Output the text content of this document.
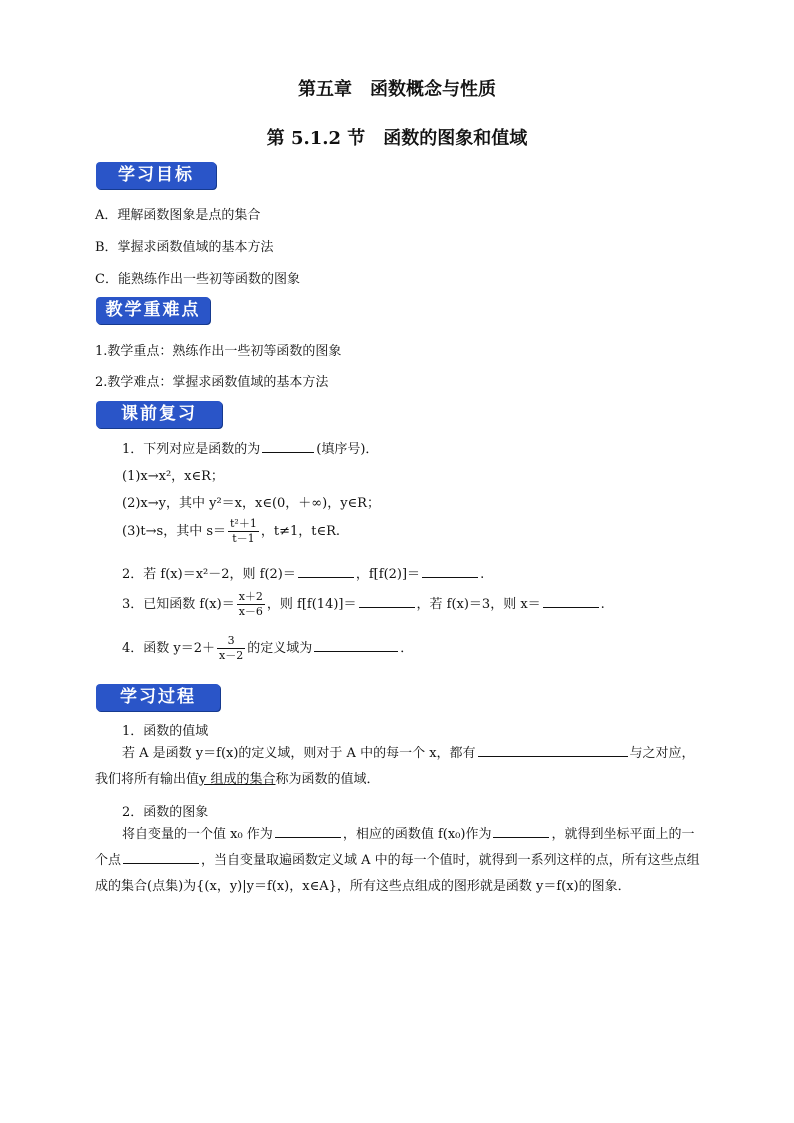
第五章　函数概念与性质
第 5.1.2 节　函数的图象和值域
学习目标
A．理解函数图象是点的集合
B．掌握求函数值域的基本方法
C．能熟练作出一些初等函数的图象
教学重难点
1.教学重点：熟练作出一些初等函数的图象
2.教学难点：掌握求函数值域的基本方法
课前复习
1．下列对应是函数的为	(填序号)．
(1)x→x²，x∈R；
(2)x→y，其中 y²＝x，x∈(0，＋∞)，y∈R；
(3)t→s，其中 $s= \frac{\text{t²＋1}}{t-1}$ ，t≠1，t∈R.
2．若 f(x)＝x²－2，则 f(2)＝	，f[f(2)]＝	.
3．已知函数 $f(x)= \frac{x+2}{x-6}$ ，则 f[f(14)]＝	，若 f(x)＝3，则 x＝	.
4．函数 $y=2+ \frac{3}{x-2}$ 的定义域为	．
学习过程
1．函数的值域
若 A 是函数 y＝f(x)的定义域，则对于 A 中的每一个 x，都有	与之对应，我们将所有输出值y 组成的集合称为函数的值域．
2．函数的图象
将自变量的一个值 x₀ 作为	，相应的函数值 f(x₀)作为	，就得到坐标平面上的一个点	，当自变量取遍函数定义域 A 中的每一个值时，就得到一系列这样的点，所有这些点组成的集合(点集)为{(x，y)|y＝f(x)，x∈A}，所有这些点组成的图形就是函数 y＝f(x)的图象．
